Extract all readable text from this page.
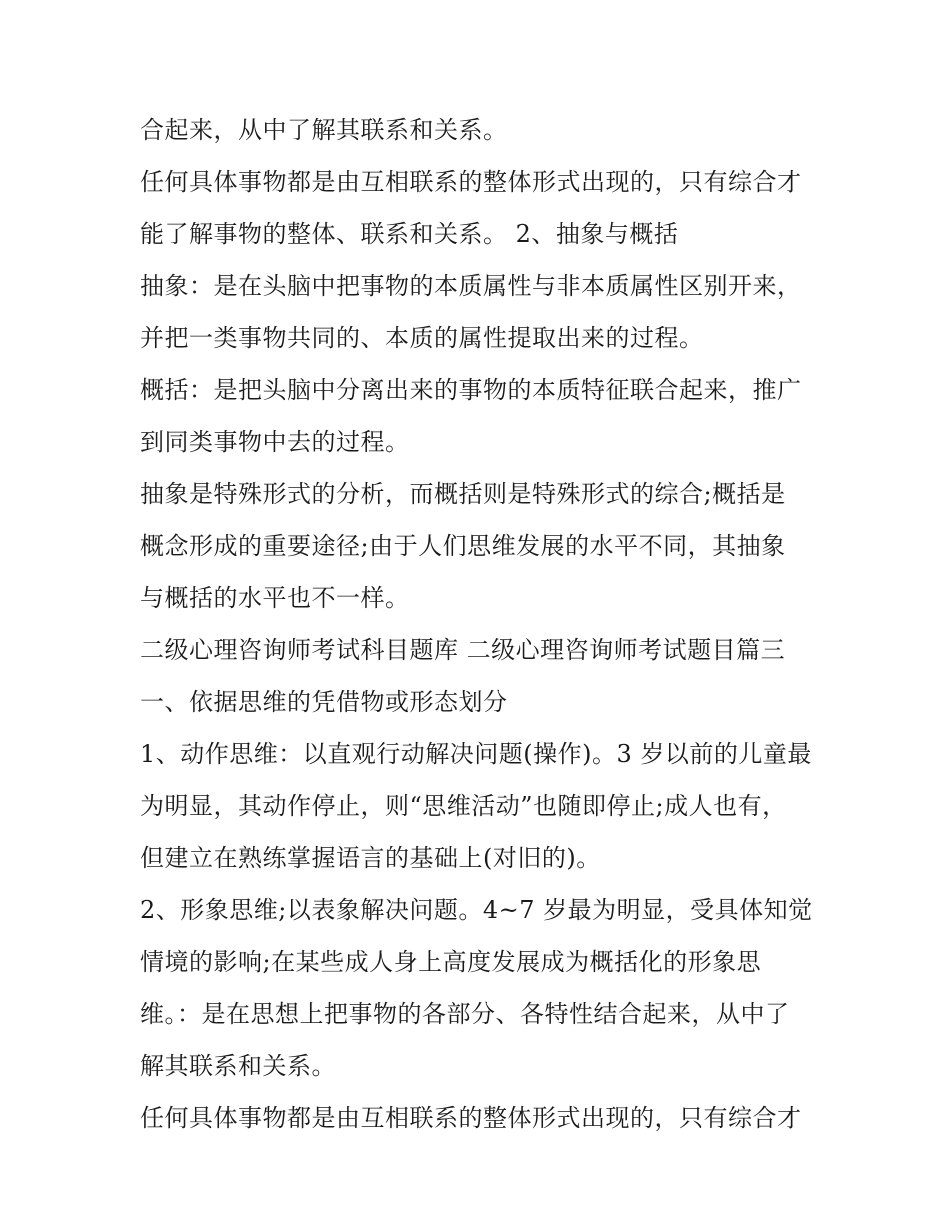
合起来，从中了解其联系和关系。
任何具体事物都是由互相联系的整体形式出现的，只有综合才
能了解事物的整体、联系和关系。 2、抽象与概括
抽象：是在头脑中把事物的本质属性与非本质属性区别开来，
并把一类事物共同的、本质的属性提取出来的过程。
概括：是把头脑中分离出来的事物的本质特征联合起来，推广
到同类事物中去的过程。
抽象是特殊形式的分析，而概括则是特殊形式的综合;概括是
概念形成的重要途径;由于人们思维发展的水平不同，其抽象
与概括的水平也不一样。
二级心理咨询师考试科目题库 二级心理咨询师考试题目篇三
一、依据思维的凭借物或形态划分
1、动作思维：以直观行动解决问题(操作)。3 岁以前的儿童最
为明显，其动作停止，则“思维活动”也随即停止;成人也有，
但建立在熟练掌握语言的基础上(对旧的)。
2、形象思维;以表象解决问题。4~7 岁最为明显，受具体知觉
情境的影响;在某些成人身上高度发展成为概括化的形象思
维。：是在思想上把事物的各部分、各特性结合起来，从中了
解其联系和关系。
任何具体事物都是由互相联系的整体形式出现的，只有综合才
